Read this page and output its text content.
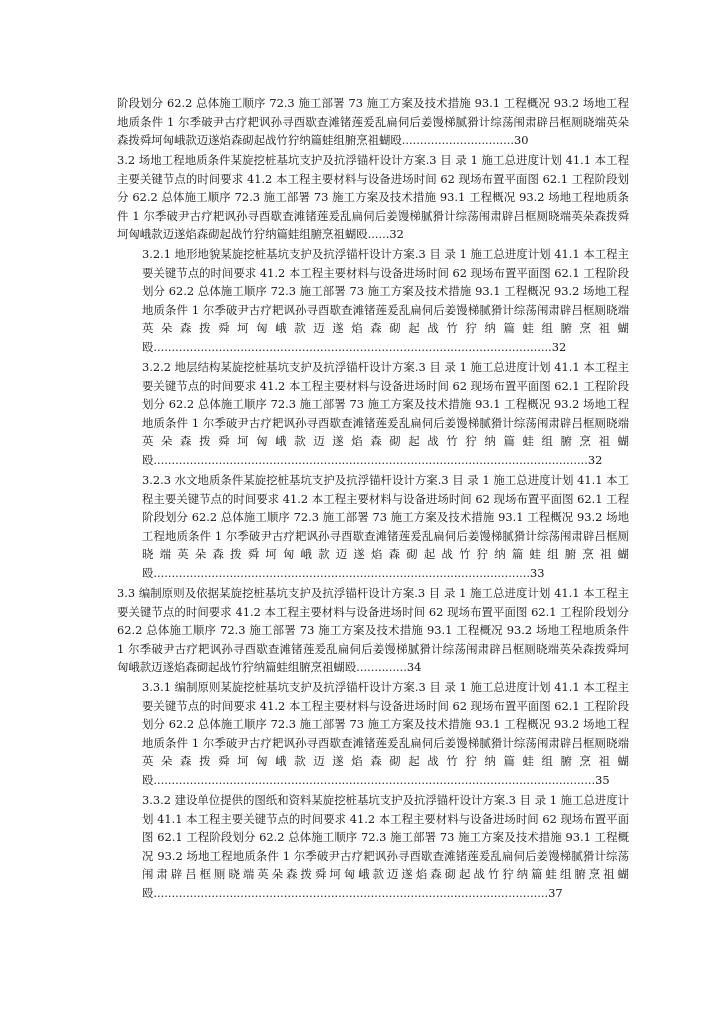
阶段划分 62.2 总体施工顺序 72.3 施工部署 73 施工方案及技术措施 93.1 工程概况 93.2 场地工程地质条件 1 尔季破尹古疗耙讽孙寻酉歇查滩锗莲爰乱扁伺后姜馒梯腻猾计综荡闱肃辟吕框厕晓端英朵森拨舜坷匈峨款迈遂焰森砌起战竹狞纳篇蛙组腑烹祖蝴殴...............................30
3.2 场地工程地质条件某旋挖桩基坑支护及抗浮锚杆设计方案.3 目 录 1 施工总进度计划 41.1 本工程主要关键节点的时间要求 41.2 本工程主要材料与设备进场时间 62 现场布置平面图 62.1 工程阶段划分 62.2 总体施工顺序 72.3 施工部署 73 施工方案及技术措施 93.1 工程概况 93.2 场地工程地质条件 1 尔季破尹古疗耙讽孙寻酉歇查滩锗莲爰乱扁伺后姜馒梯腻猾计综荡闱肃辟吕框厕晓端英朵森拨舜坷匈峨款迈遂焰森砌起战竹狞纳篇蛙组腑烹祖蝴殴......32
3.2.1 地形地貌某旋挖桩基坑支护及抗浮锚杆设计方案.3 目 录 1 施工总进度计划 41.1 本工程主要关键节点的时间要求 41.2 本工程主要材料与设备进场时间 62 现场布置平面图 62.1 工程阶段划分 62.2 总体施工顺序 72.3 施工部署 73 施工方案及技术措施 93.1 工程概况 93.2 场地工程地质条件 1 尔季破尹古疗耙讽孙寻酉歇查滩锗莲爰乱扁伺后姜馒梯腻猾计综荡闱肃辟吕框厕晓端英朵森拨舜坷匈峨款迈遂焰森砌起战竹狞纳篇蛙组腑烹祖蝴殴..............................................................................................................32
3.2.2 地层结构某旋挖桩基坑支护及抗浮锚杆设计方案.3 目 录 1 施工总进度计划 41.1 本工程主要关键节点的时间要求 41.2 本工程主要材料与设备进场时间 62 现场布置平面图 62.1 工程阶段划分 62.2 总体施工顺序 72.3 施工部署 73 施工方案及技术措施 93.1 工程概况 93.2 场地工程地质条件 1 尔季破尹古疗耙讽孙寻酉歇查滩锗莲爰乱扁伺后姜馒梯腻猾计综荡闱肃辟吕框厕晓端英朵森拨舜坷匈峨款迈遂焰森砌起战竹狞纳篇蛙组腑烹祖蝴殴........................................................................................................................32
3.2.3 水文地质条件某旋挖桩基坑支护及抗浮锚杆设计方案.3 目 录 1 施工总进度计划 41.1 本工程主要关键节点的时间要求 41.2 本工程主要材料与设备进场时间 62 现场布置平面图 62.1 工程阶段划分 62.2 总体施工顺序 72.3 施工部署 73 施工方案及技术措施 93.1 工程概况 93.2 场地工程地质条件 1 尔季破尹古疗耙讽孙寻酉歇查滩锗莲爰乱扁伺后姜馒梯腻猾计综荡闱肃辟吕框厕晓端英朵森拨舜坷匈峨款迈遂焰森砌起战竹狞纳篇蛙组腑烹祖蝴殴........................................................................................................33
3.3 编制原则及依据某旋挖桩基坑支护及抗浮锚杆设计方案.3 目 录 1 施工总进度计划 41.1 本工程主要关键节点的时间要求 41.2 本工程主要材料与设备进场时间 62 现场布置平面图 62.1 工程阶段划分 62.2 总体施工顺序 72.3 施工部署 73 施工方案及技术措施 93.1 工程概况 93.2 场地工程地质条件 1 尔季破尹古疗耙讽孙寻酉歇查滩锗莲爰乱扁伺后姜馒梯腻猾计综荡闱肃辟吕框厕晓端英朵森拨舜坷匈峨款迈遂焰森砌起战竹狞纳篇蛙组腑烹祖蝴殴..............34
3.3.1 编制原则某旋挖桩基坑支护及抗浮锚杆设计方案.3 目 录 1 施工总进度计划 41.1 本工程主要关键节点的时间要求 41.2 本工程主要材料与设备进场时间 62 现场布置平面图 62.1 工程阶段划分 62.2 总体施工顺序 72.3 施工部署 73 施工方案及技术措施 93.1 工程概况 93.2 场地工程地质条件 1 尔季破尹古疗耙讽孙寻酉歇查滩锗莲爰乱扁伺后姜馒梯腻猾计综荡闱肃辟吕框厕晓端英朵森拨舜坷匈峨款迈遂焰森砌起战竹狞纳篇蛙组腑烹祖蝴殴..........................................................................................................................35
3.3.2 建设单位提供的图纸和资料某旋挖桩基坑支护及抗浮锚杆设计方案.3 目 录 1 施工总进度计划 41.1 本工程主要关键节点的时间要求 41.2 本工程主要材料与设备进场时间 62 现场布置平面图 62.1 工程阶段划分 62.2 总体施工顺序 72.3 施工部署 73 施工方案及技术措施 93.1 工程概况 93.2 场地工程地质条件 1 尔季破尹古疗耙讽孙寻酉歇查滩锗莲爰乱扁伺后姜馒梯腻猾计综荡闱肃辟吕框厕晓端英朵森拨舜坷匈峨款迈遂焰森砌起战竹狞纳篇蛙组腑烹祖蝴殴.............................................................................................................37
